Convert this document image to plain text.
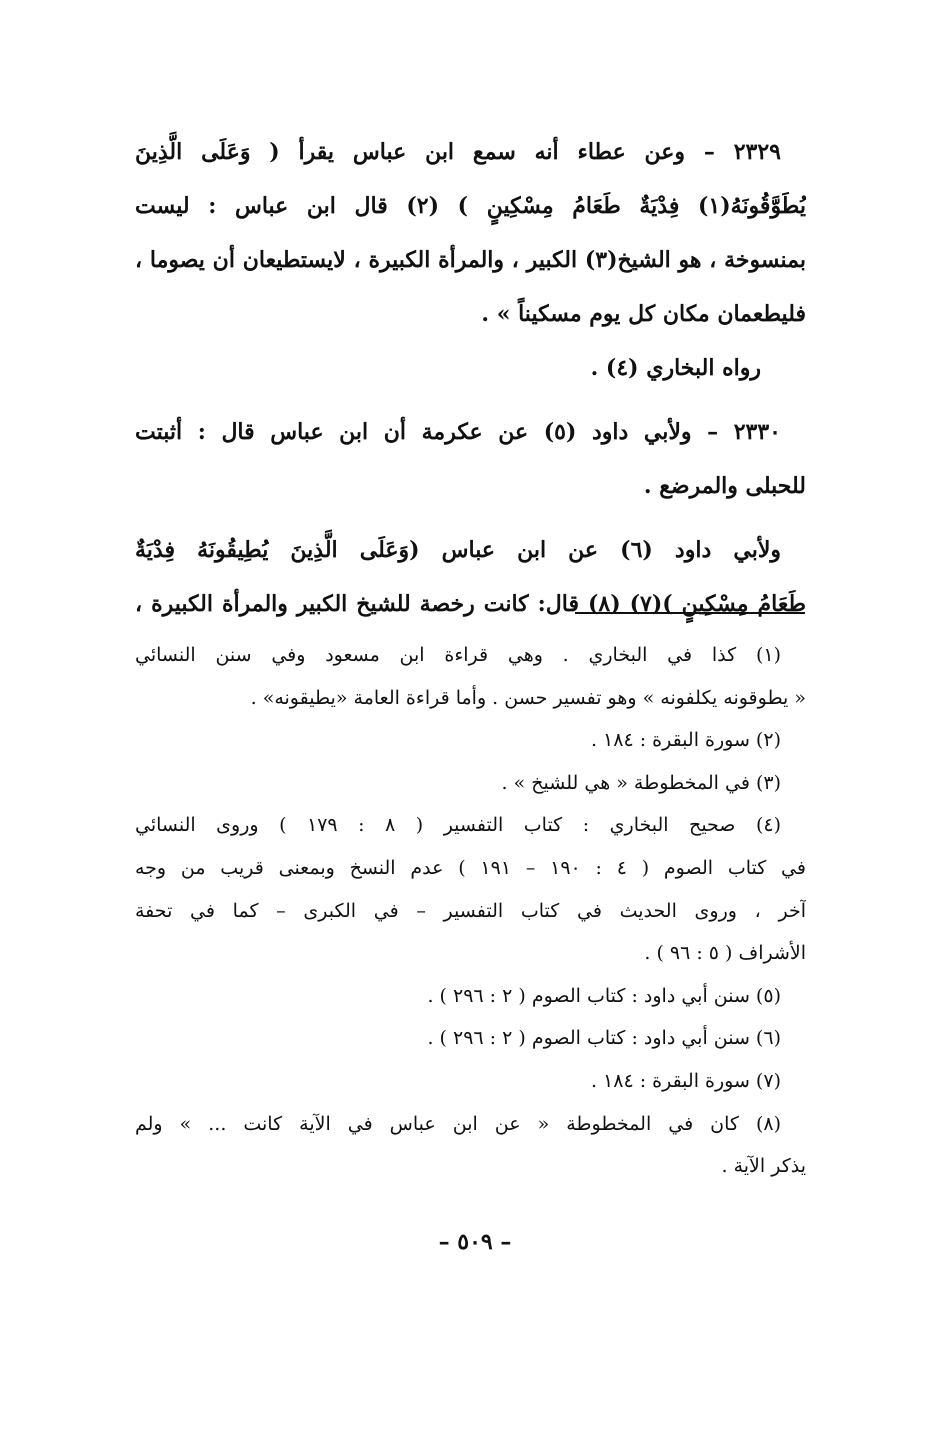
٢٣٢٩ – وعن عطاء أنه سمع ابن عباس يقرأ ( وَعَلَى الَّذِينَ
يُطَوَّقُونَهُ(١) فِدْيَةٌ طَعَامُ مِسْكِينٍ ) (٢) قال ابن عباس : ليست
بمنسوخة ، هو الشيخ(٣) الكبير ، والمرأة الكبيرة ، لايستطيعان أن يصوما ،
فليطعمان مكان كل يوم مسكيناً » .
رواه البخاري (٤) .
٢٣٣٠ – ولأبي داود (٥) عن عكرمة أن ابن عباس قال : أثبتت
للحبلى والمرضع .
ولأبي داود (٦) عن ابن عباس (وَعَلَى الَّذِينَ يُطِيقُونَهُ فِدْيَةٌ
طَعَامُ مِسْكِينٍ )(٧) (٨) قال: كانت رخصة للشيخ الكبير والمرأة الكبيرة ،
(١) كذا في البخاري . وهي قراءة ابن مسعود وفي سنن النسائي
« يطوقونه يكلفونه » وهو تفسير حسن . وأما قراءة العامة «يطيقونه» .
(٢) سورة البقرة : ١٨٤ .
(٣) في المخطوطة « هي للشيخ » .
(٤) صحيح البخاري : كتاب التفسير ( ٨ : ١٧٩ ) وروى النسائي
في كتاب الصوم ( ٤ : ١٩٠ – ١٩١ ) عدم النسخ وبمعنى قريب من وجه
آخر ، وروى الحديث في كتاب التفسير – في الكبرى – كما في تحفة
الأشراف ( ٥ : ٩٦ ) .
(٥) سنن أبي داود : كتاب الصوم ( ٢ : ٢٩٦ ) .
(٦) سنن أبي داود : كتاب الصوم ( ٢ : ٢٩٦ ) .
(٧) سورة البقرة : ١٨٤ .
(٨) كان في المخطوطة « عن ابن عباس في الآية كانت ... » ولم
يذكر الآية .
– ٥٠٩ –
